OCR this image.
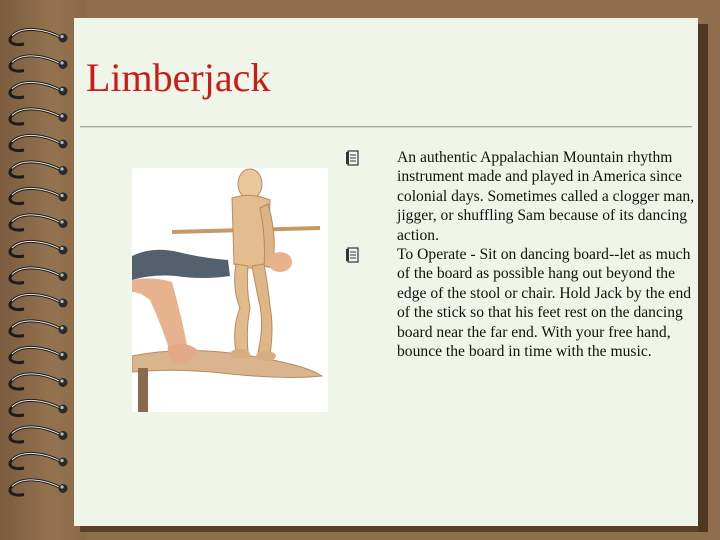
Limberjack
An authentic Appalachian Mountain rhythm instrument made and played in America since colonial days. Sometimes called a clogger man, jigger, or shuffling Sam because of its dancing action.
To Operate - Sit on dancing board--let as much of the board as possible hang out beyond the edge of the stool or chair. Hold Jack by the end of the stick so that his feet rest on the dancing board near the far end. With your free hand, bounce the board in time with the music.
